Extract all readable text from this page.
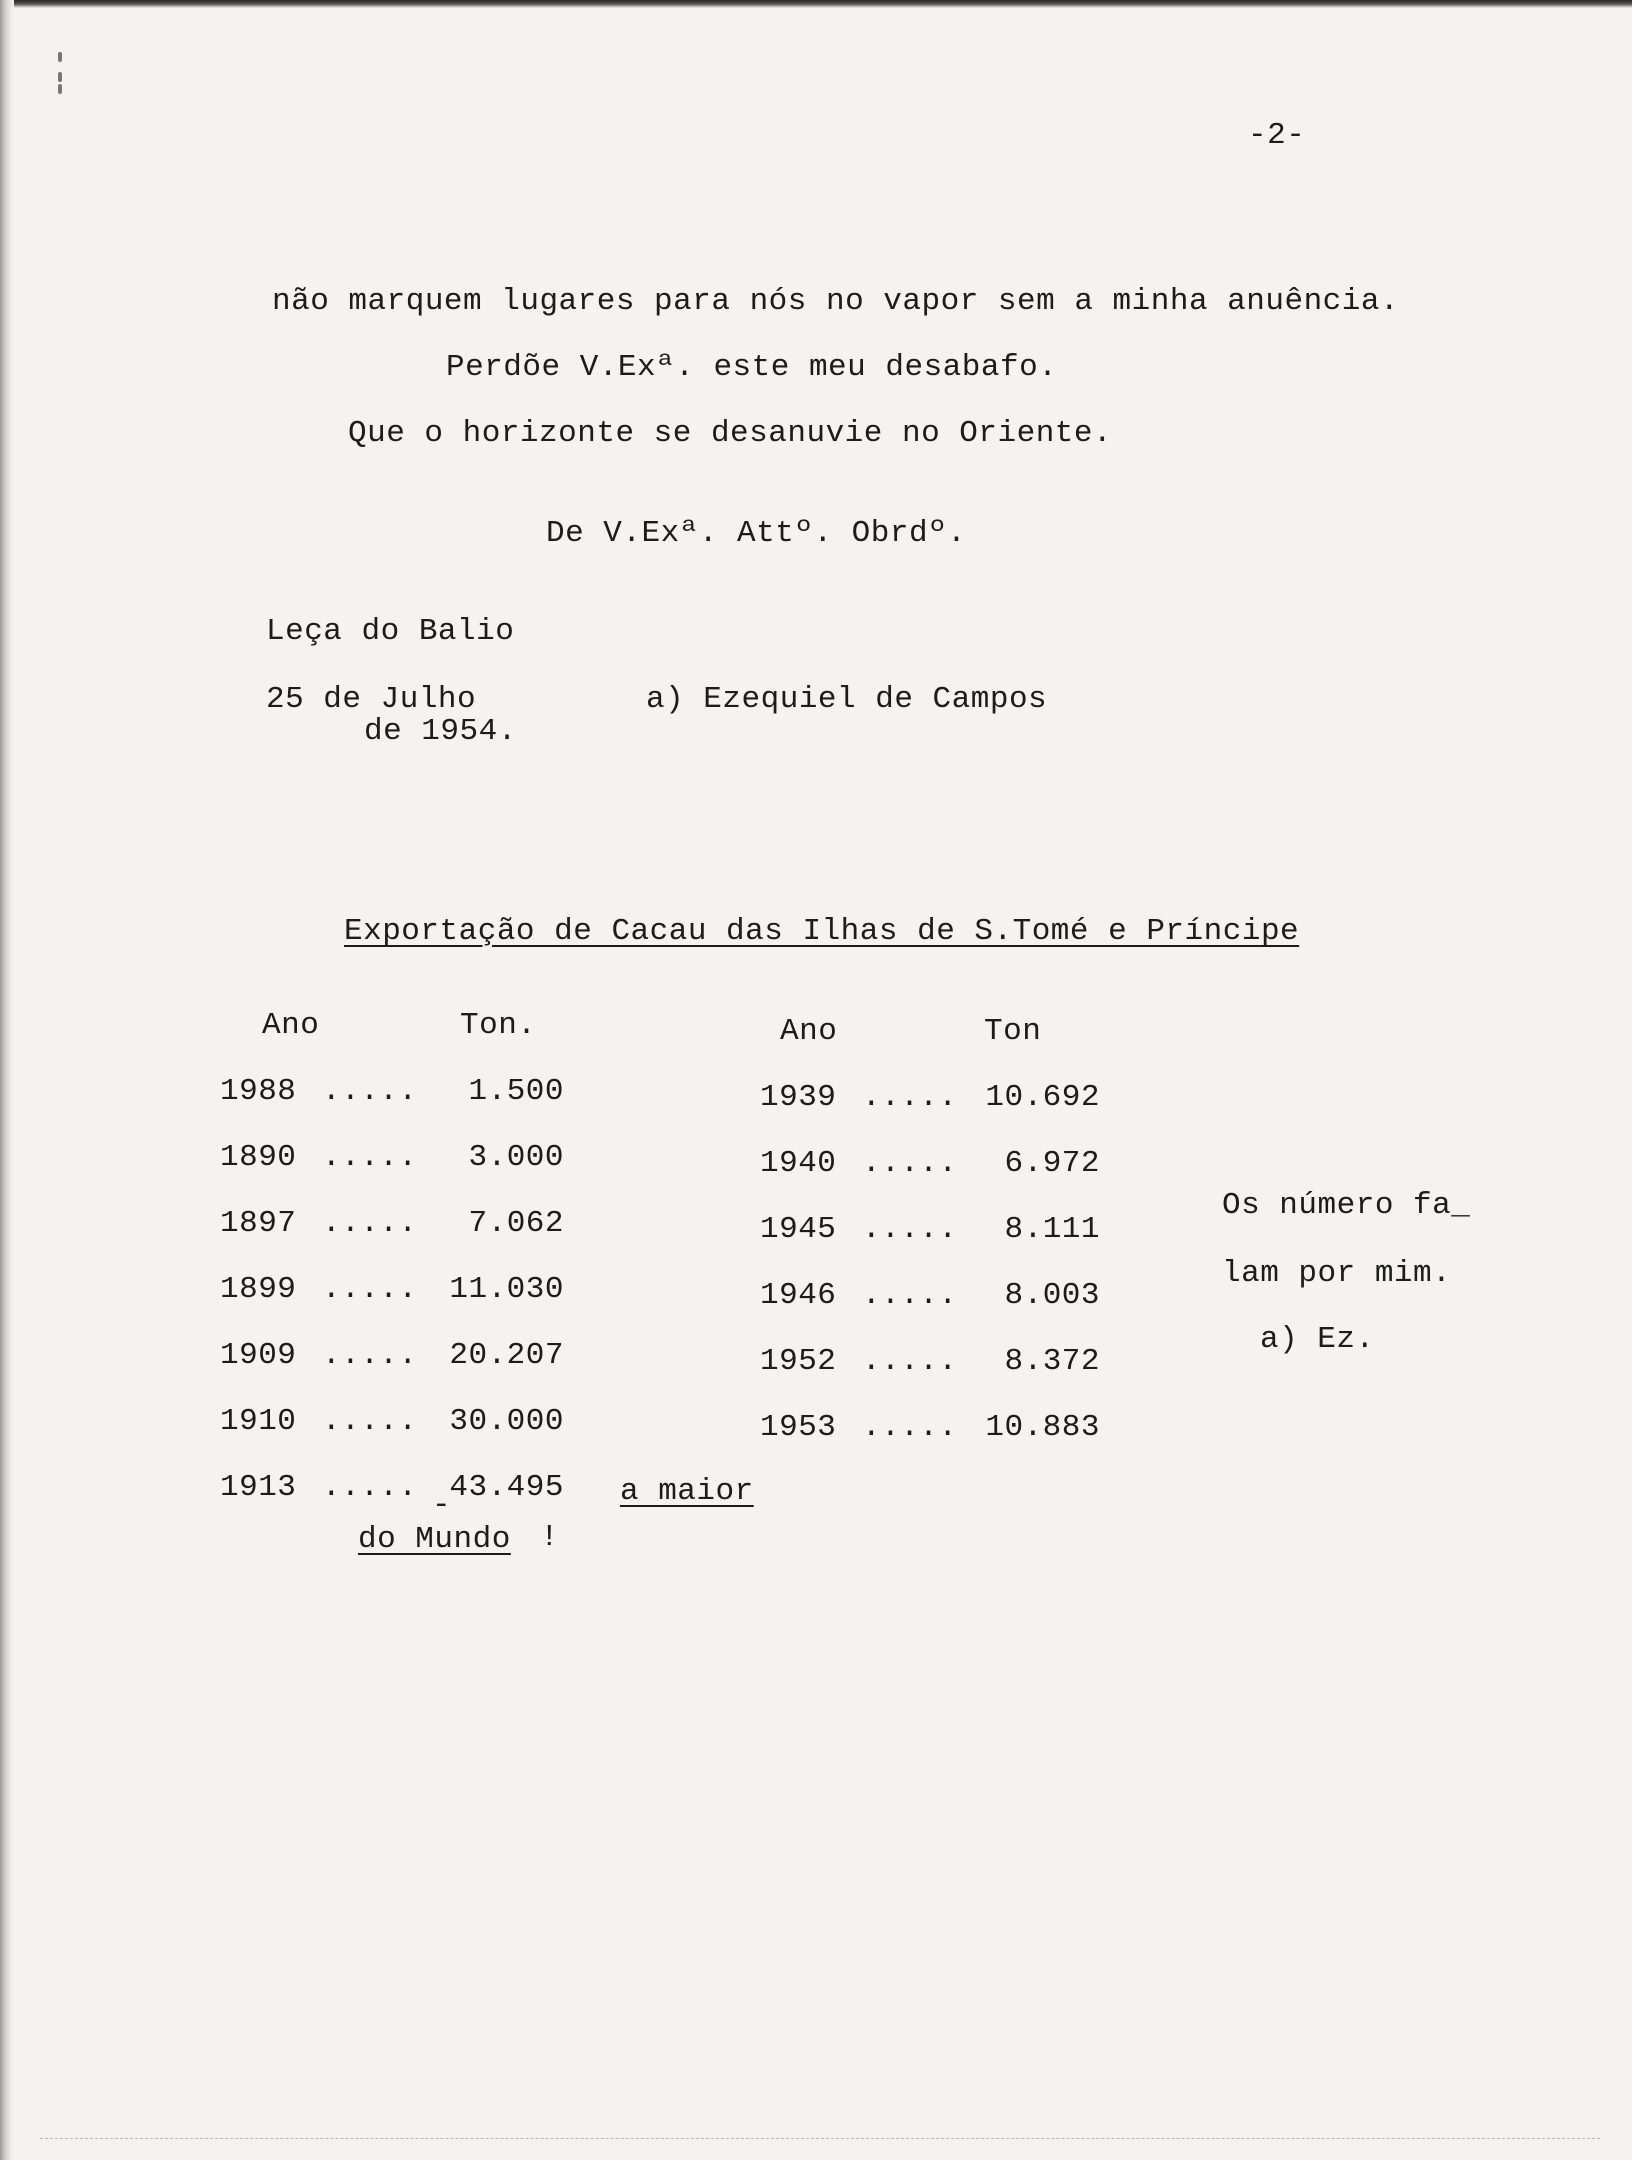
-2-
não marquem lugares para nós no vapor sem a minha anuência.
Perdõe V.Exª. este meu desabafo.
Que o horizonte se desanuvie no Oriente.
De V.Exª. Attº. Obrdº.
Leça do Balio
25 de Julho
de 1954.
a) Ezequiel de Campos
Exportação de Cacau das Ilhas de S.Tomé e Príncipe
Ano	Ton.
1988 ..... 1.500
1890 ..... 3.000
1897 ..... 7.062
1899 ..... 11.030
1909 ..... 20.207
1910 ..... 30.000
1913 ..... 43.495
Ano	Ton
1939 ..... 10.692
1940 ..... 6.972
1945 ..... 8.111
1946 ..... 8.003
1952 ..... 8.372
1953 ..... 10.883
-	a maior
do Mundo !
Os número fa_
lam por mim.
a) Ez.
